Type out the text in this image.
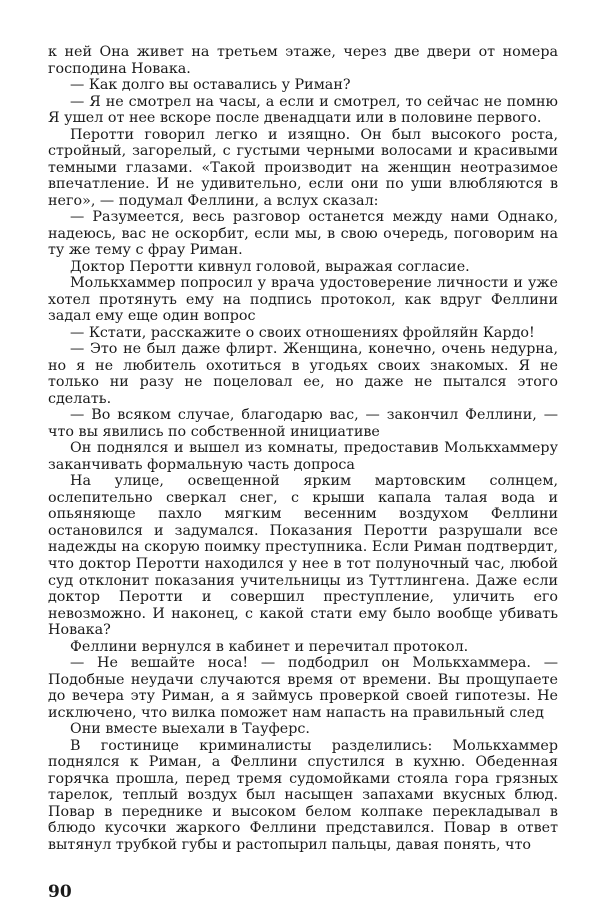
к ней Она живет на третьем этаже, через две двери от номера господина Новака.

— Как долго вы оставались у Риман?

— Я не смотрел на часы, а если и смотрел, то сейчас не помню Я ушел от нее вскоре после двенадцати или в половине первого.

Перотти говорил легко и изящно. Он был высокого роста, стройный, загорелый, с густыми черными волосами и красивыми темными глазами. «Такой производит на женщин неотразимое впечатление. И не удивительно, если они по уши влюбляются в него», — подумал Феллини, а вслух сказал:

— Разумеется, весь разговор останется между нами Однако, надеюсь, вас не оскорбит, если мы, в свою очередь, поговорим на ту же тему с фрау Риман.

Доктор Перотти кивнул головой, выражая согласие.

Молькхаммер попросил у врача удостоверение личности и уже хотел протянуть ему на подпись протокол, как вдруг Феллини задал ему еще один вопрос

— Кстати, расскажите о своих отношениях фройляйн Кардо!

— Это не был даже флирт. Женщина, конечно, очень недурна, но я не любитель охотиться в угодьях своих знакомых. Я не только ни разу не поцеловал ее, но даже не пытался этого сделать.

— Во всяком случае, благодарю вас, — закончил Феллини, — что вы явились по собственной инициативе

Он поднялся и вышел из комнаты, предоставив Молькхаммеру заканчивать формальную часть допроса

На улице, освещенной ярким мартовским солнцем, ослепительно сверкал снег, с крыши капала талая вода и опьяняюще пахло мягким весенним воздухом Феллини остановился и задумался. Показания Перотти разрушали все надежды на скорую поимку преступника. Если Риман подтвердит, что доктор Перотти находился у нее в тот полуночный час, любой суд отклонит показания учительницы из Туттлингена. Даже если доктор Перотти и совершил преступление, уличить его невозможно. И наконец, с какой стати ему было вообще убивать Новака?

Феллини вернулся в кабинет и перечитал протокол.

— Не вешайте носа! — подбодрил он Молькхаммера. — Подобные неудачи случаются время от времени. Вы прощупаете до вечера эту Риман, а я займусь проверкой своей гипотезы. Не исключено, что вилка поможет нам напасть на правильный след

Они вместе выехали в Тауферс.

В гостинице криминалисты разделились: Молькхаммер поднялся к Риман, а Феллини спустился в кухню. Обеденная горячка прошла, перед тремя судомойками стояла гора грязных тарелок, теплый воздух был насыщен запахами вкусных блюд. Повар в переднике и высоком белом колпаке перекладывал в блюдо кусочки жаркого Феллини представился. Повар в ответ вытянул трубкой губы и растопырил пальцы, давая понять, что

90
